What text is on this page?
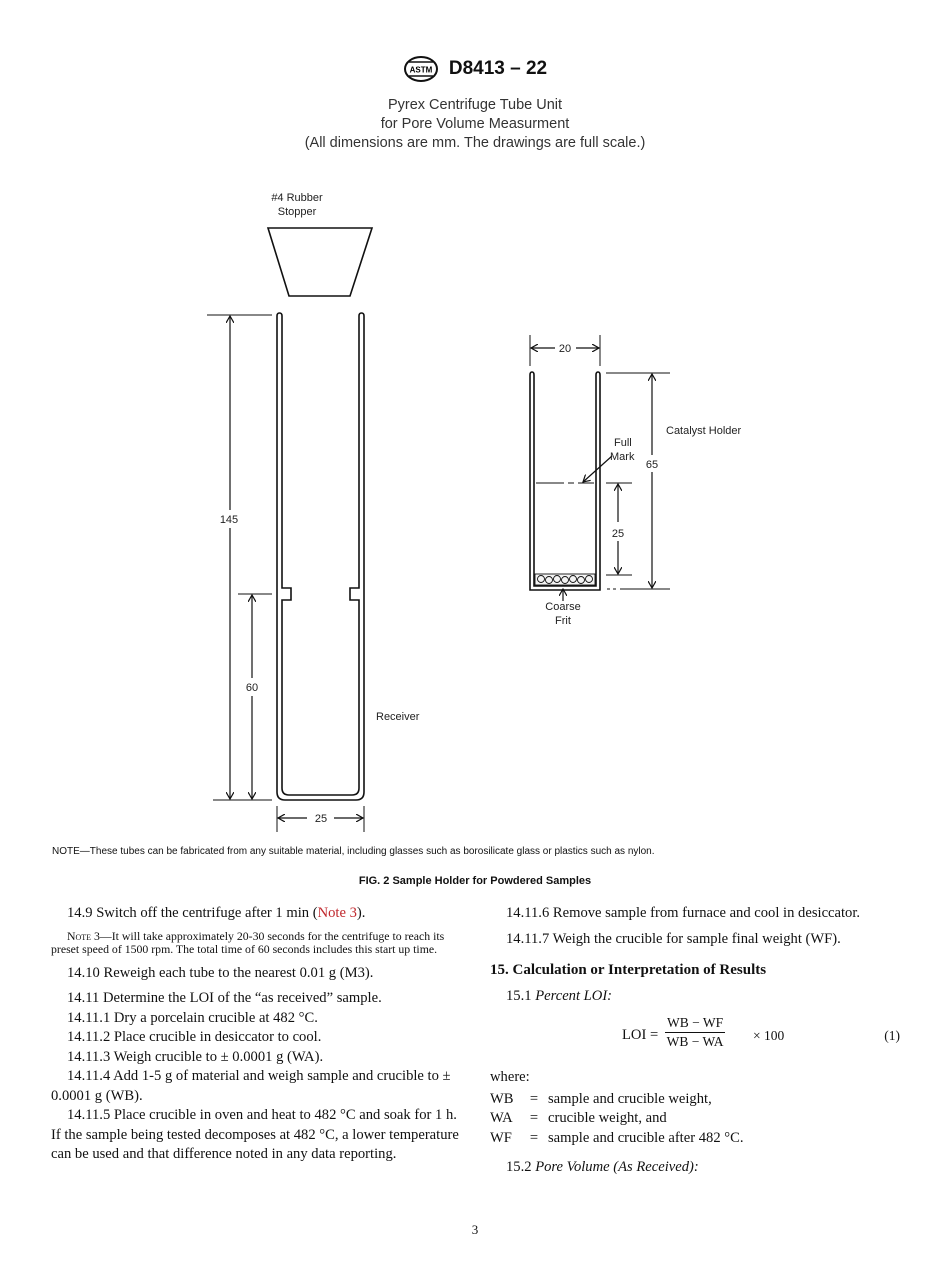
ASTM D8413 – 22
Pyrex Centrifuge Tube Unit
for Pore Volume Measurment
(All dimensions are mm. The drawings are full scale.)
#4 Rubber
Stopper
Receiver
145
60
25
20
65
Catalyst Holder
25
Full
Mark
Coarse
Frit
NOTE—These tubes can be fabricated from any suitable material, including glasses such as borosilicate glass or plastics such as nylon.
FIG. 2 Sample Holder for Powdered Samples

14.9 Switch off the centrifuge after 1 min (Note 3).

Note 3—It will take approximately 20-30 seconds for the centrifuge to reach its preset speed of 1500 rpm. The total time of 60 seconds includes this start up time.

14.10 Reweigh each tube to the nearest 0.01 g (M3).

14.11 Determine the LOI of the “as received” sample.

14.11.1 Dry a porcelain crucible at 482 °C.

14.11.2 Place crucible in desiccator to cool.

14.11.3 Weigh crucible to ± 0.0001 g (WA).

14.11.4 Add 1-5 g of material and weigh sample and crucible to ± 0.0001 g (WB).

14.11.5 Place crucible in oven and heat to 482 °C and soak for 1 h. If the sample being tested decomposes at 482 °C, a lower temperature can be used and that difference noted in any data reporting.

14.11.6 Remove sample from furnace and cool in desiccator.

14.11.7 Weigh the crucible for sample final weight (WF).

15. Calculation or Interpretation of Results

15.1 Percent LOI:

LOI = $\frac{WB - WF}{WB - WA} \times 100$	(1)

where:

WB	= sample and crucible weight,
WA	= crucible weight, and
WF	= sample and crucible after 482 °C.

15.2 Pore Volume (As Received):

3
